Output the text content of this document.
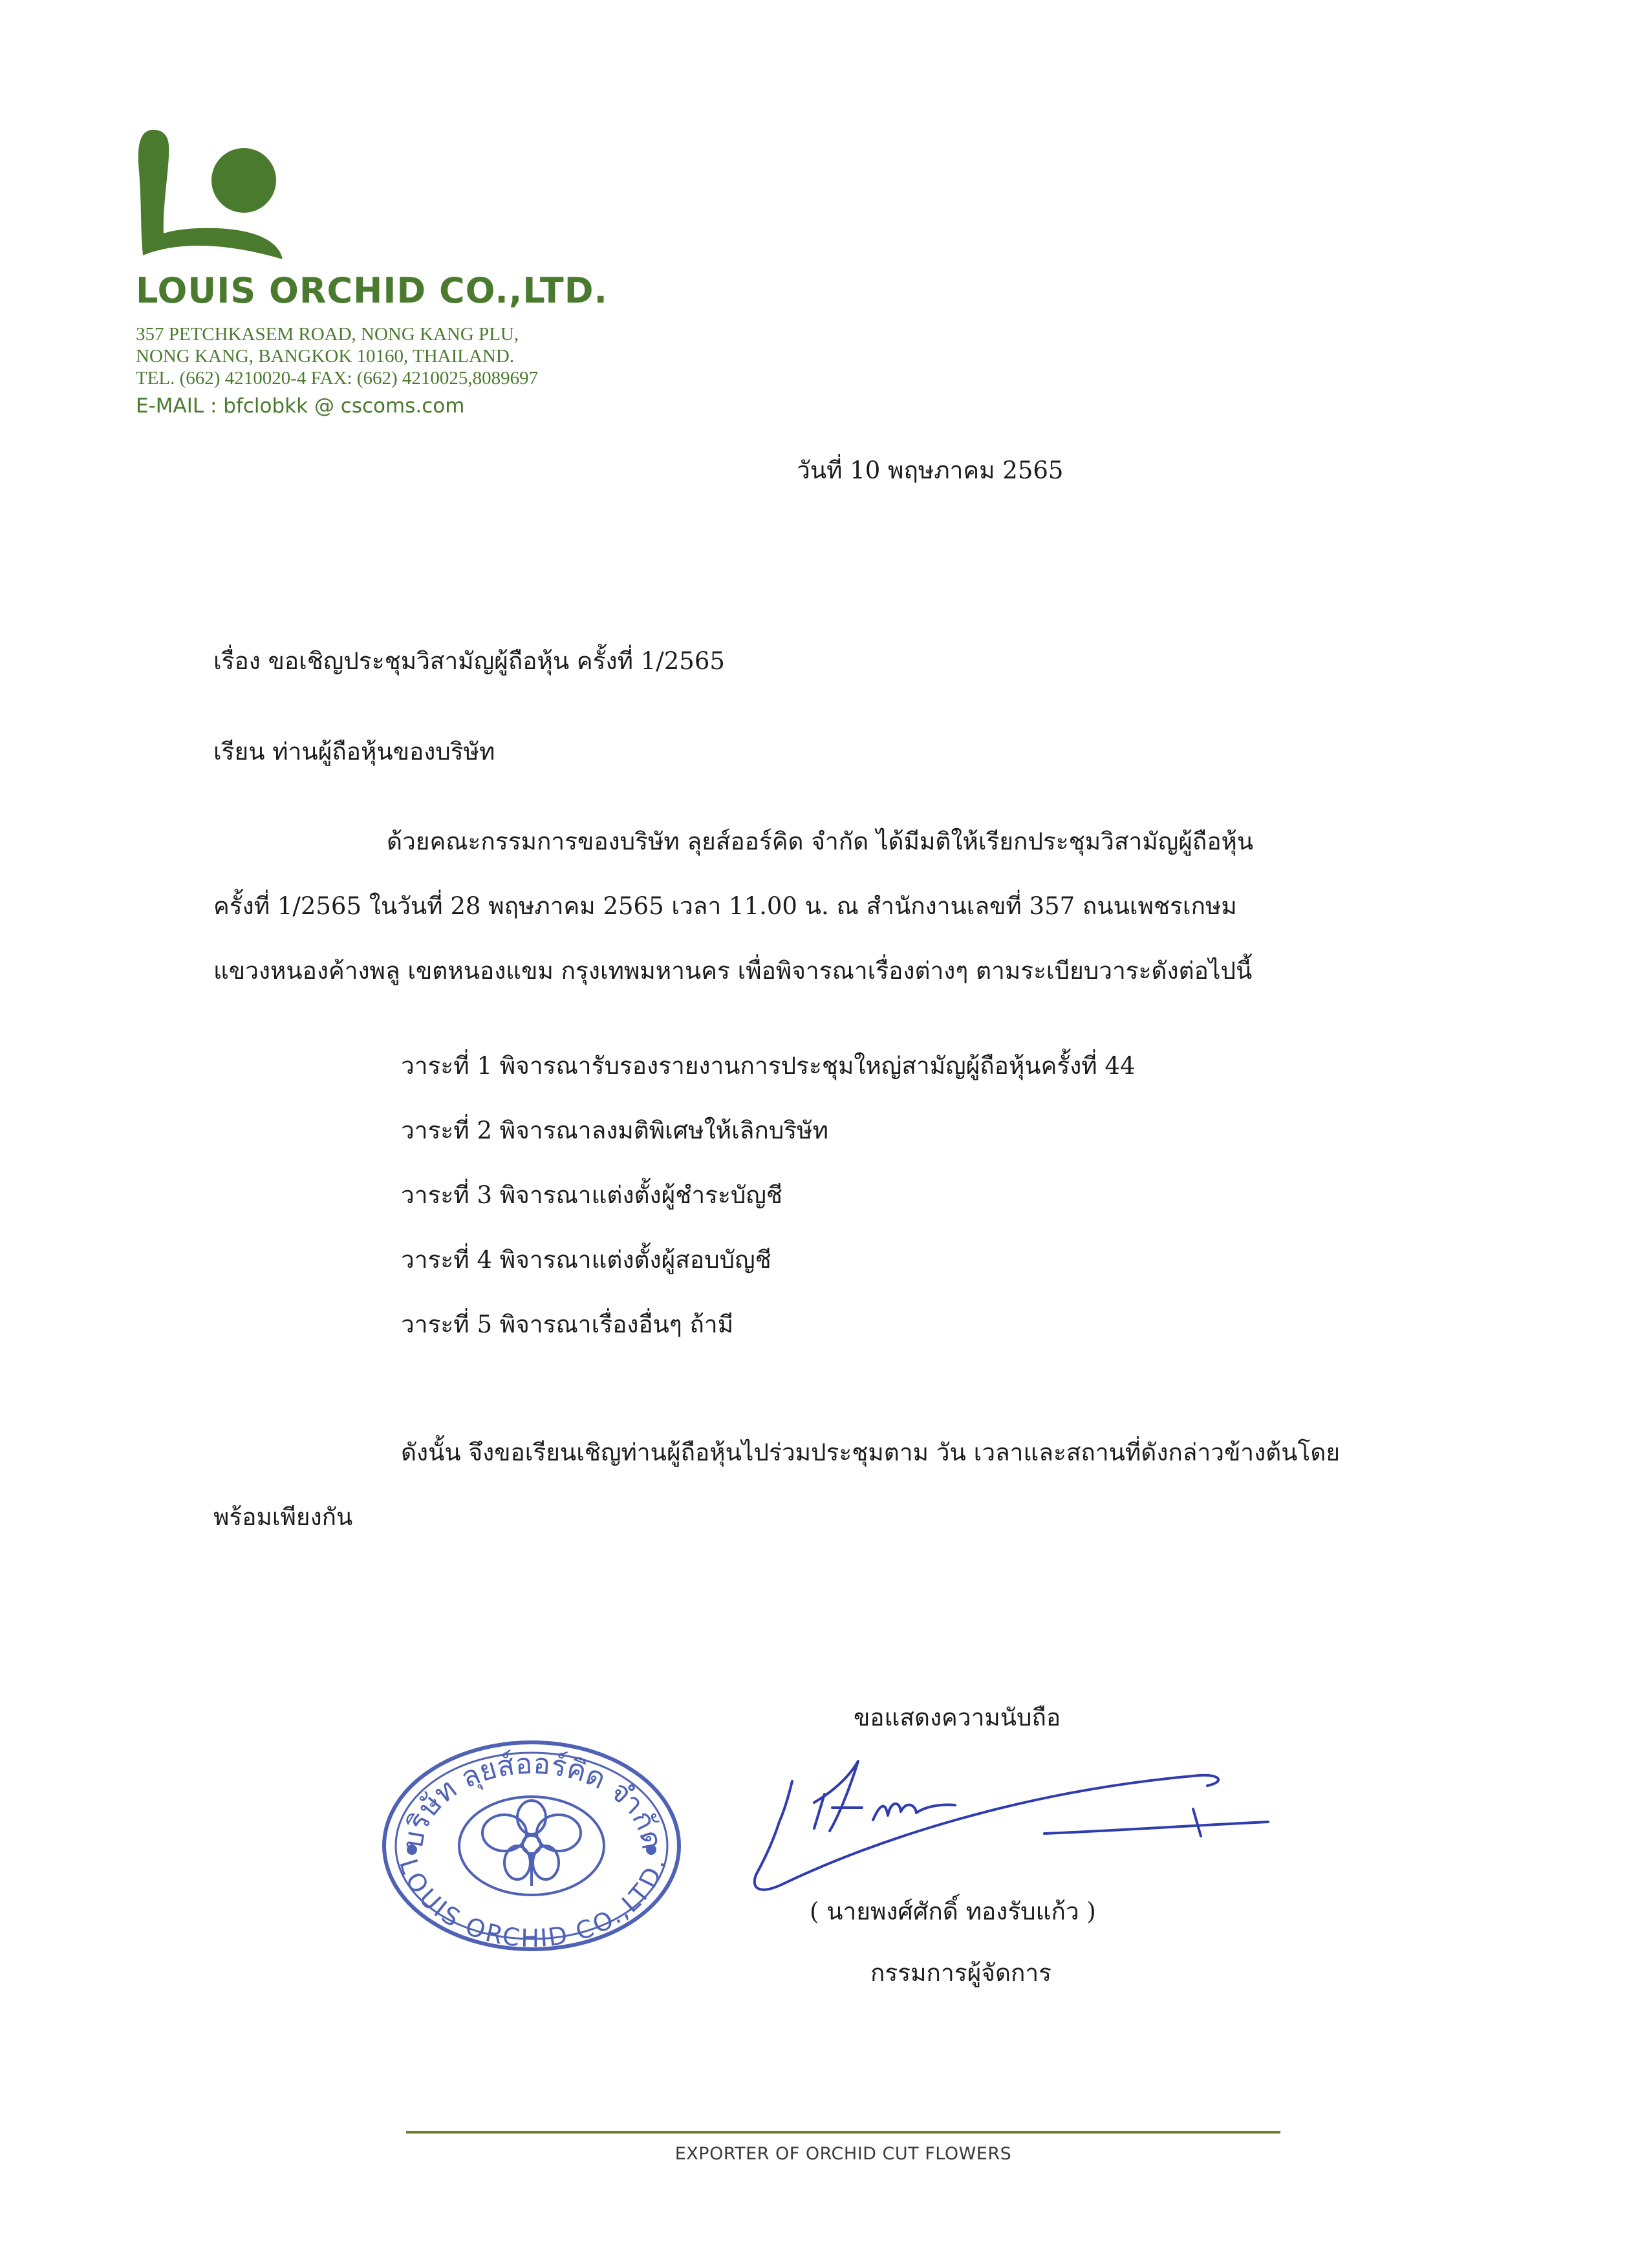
LOUIS ORCHID CO.,LTD.
357 PETCHKASEM ROAD, NONG KANG PLU,
NONG KANG, BANGKOK 10160, THAILAND.
TEL. (662) 4210020-4 FAX: (662) 4210025,8089697
E-MAIL : bfclobkk @ cscoms.com
วันที่ 10 พฤษภาคม 2565
เรื่อง ขอเชิญประชุมวิสามัญผู้ถือหุ้น ครั้งที่ 1/2565
เรียน ท่านผู้ถือหุ้นของบริษัท
ด้วยคณะกรรมการของบริษัท ลุยส์ออร์คิด จำกัด ได้มีมติให้เรียกประชุมวิสามัญผู้ถือหุ้น
ครั้งที่ 1/2565 ในวันที่ 28 พฤษภาคม 2565 เวลา 11.00 น. ณ สำนักงานเลขที่ 357 ถนนเพชรเกษม
แขวงหนองค้างพลู เขตหนองแขม กรุงเทพมหานคร เพื่อพิจารณาเรื่องต่างๆ ตามระเบียบวาระดังต่อไปนี้
วาระที่ 1 พิจารณารับรองรายงานการประชุมใหญ่สามัญผู้ถือหุ้นครั้งที่ 44
วาระที่ 2 พิจารณาลงมติพิเศษให้เลิกบริษัท
วาระที่ 3 พิจารณาแต่งตั้งผู้ชำระบัญชี
วาระที่ 4 พิจารณาแต่งตั้งผู้สอบบัญชี
วาระที่ 5 พิจารณาเรื่องอื่นๆ ถ้ามี
ดังนั้น จึงขอเรียนเชิญท่านผู้ถือหุ้นไปร่วมประชุมตาม วัน เวลาและสถานที่ดังกล่าวข้างต้นโดย
พร้อมเพียงกัน
ขอแสดงความนับถือ
บริษัท ลุยส์ออร์คิด จำกัด
LOUIS ORCHID CO.,LTD.
( นายพงศ์ศักดิ์ ทองรับแก้ว )
กรรมการผู้จัดการ
EXPORTER OF ORCHID CUT FLOWERS
